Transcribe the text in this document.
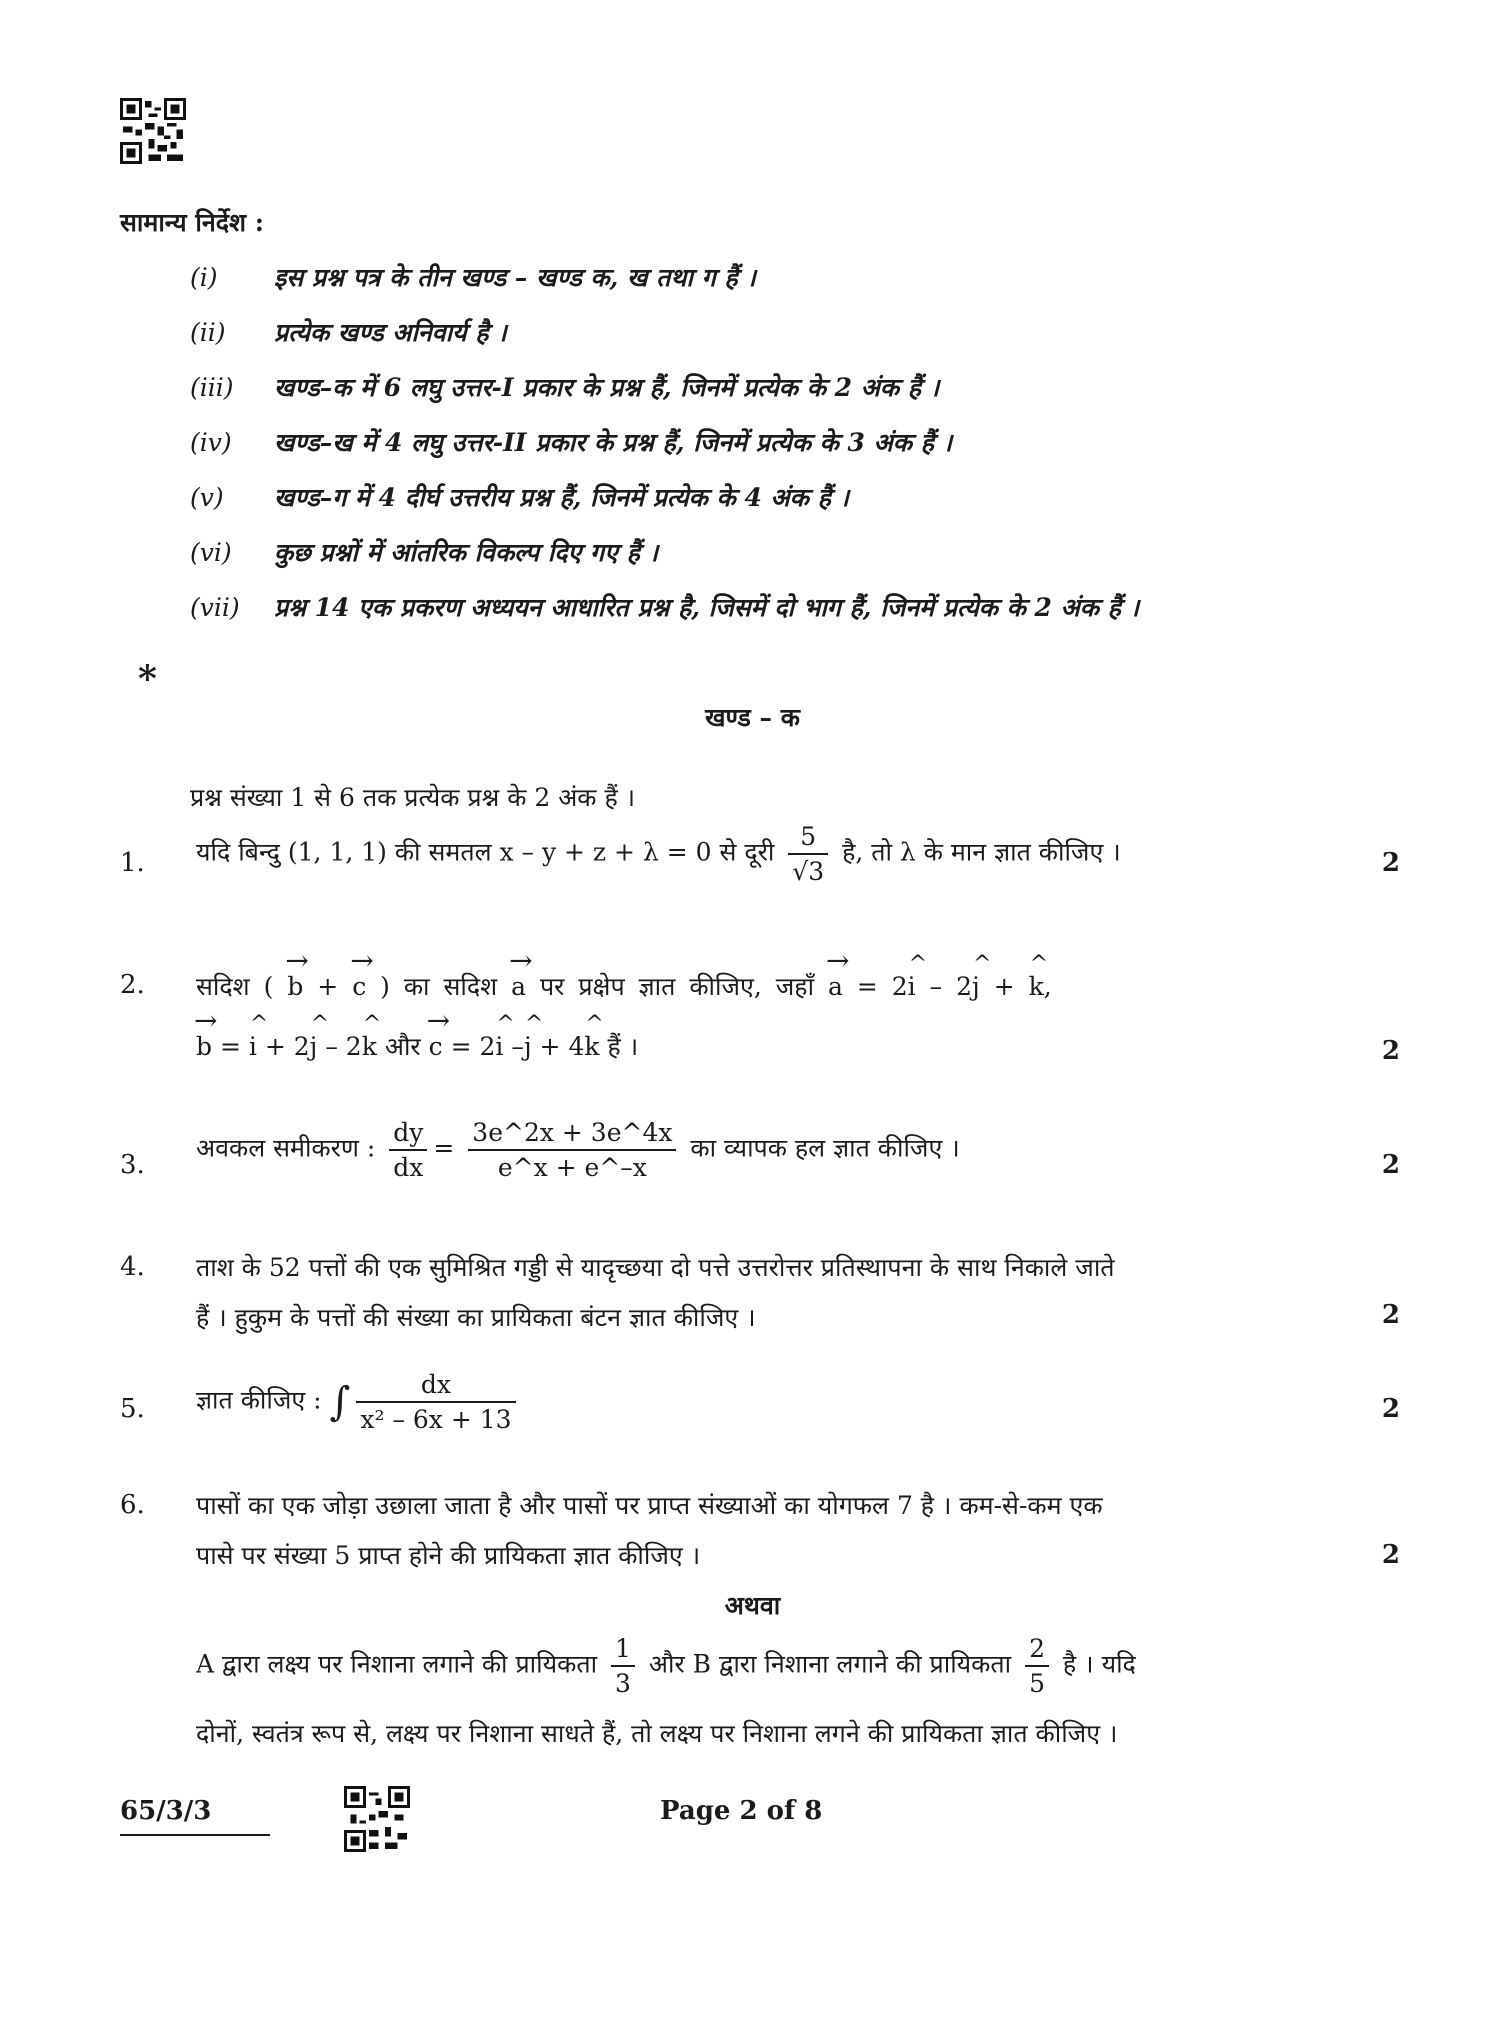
सामान्य निर्देश :
(i) इस प्रश्न पत्र के तीन खण्ड – खण्ड क, ख तथा ग हैं ।
(ii) प्रत्येक खण्ड अनिवार्य है ।
(iii) खण्ड–क में 6 लघु उत्तर-I प्रकार के प्रश्न हैं, जिनमें प्रत्येक के 2 अंक हैं ।
(iv) खण्ड–ख में 4 लघु उत्तर-II प्रकार के प्रश्न हैं, जिनमें प्रत्येक के 3 अंक हैं ।
(v) खण्ड–ग में 4 दीर्घ उत्तरीय प्रश्न हैं, जिनमें प्रत्येक के 4 अंक हैं ।
(vi) कुछ प्रश्नों में आंतरिक विकल्प दिए गए हैं ।
(vii) प्रश्न 14 एक प्रकरण अध्ययन आधारित प्रश्न है, जिसमें दो भाग हैं, जिनमें प्रत्येक के 2 अंक हैं ।
*
खण्ड – क
प्रश्न संख्या 1 से 6 तक प्रत्येक प्रश्न के 2 अंक हैं ।
1. यदि बिन्दु (1, 1, 1) की समतल x – y + z + λ = 0 से दूरी $\frac{5}{√3}$ है, तो λ के मान ज्ञात कीजिए ।	2
2. सदिश ( → b + → c ) का सदिश → a पर प्रक्षेप ज्ञात कीजिए, जहाँ → a = 2^ i – 2^ j + ^ k,
→ b = ^ i + 2^ j – 2^ k और → c = 2^ i –^ j + 4^ k हैं ।	2
3.
अवकल समीकरण : $\frac{dy}{dx} = \frac{3e\^{}2x + 3e\^{}4x}{e\^{}x + e\^{}-x}$ का व्यापक हल ज्ञात कीजिए ।
2
4. ताश के 52 पत्तों की एक सुमिश्रित गड्डी से यादृच्छया दो पत्ते उत्तरोत्तर प्रतिस्थापना के साथ निकाले जाते
हैं । हुकुम के पत्तों की संख्या का प्रायिकता बंटन ज्ञात कीजिए ।	2
5. ज्ञात कीजिए : ∫ $\frac{dx}{\text{x² – 6x + 13}}$	2
6. पासों का एक जोड़ा उछाला जाता है और पासों पर प्राप्त संख्याओं का योगफल 7 है । कम-से-कम एक
पासे पर संख्या 5 प्राप्त होने की प्रायिकता ज्ञात कीजिए ।	2
अथवा
A द्वारा लक्ष्य पर निशाना लगाने की प्रायिकता $\frac{1}{3}$ और B द्वारा निशाना लगाने की प्रायिकता $\frac{2}{5}$ है । यदि
दोनों, स्वतंत्र रूप से, लक्ष्य पर निशाना साधते हैं, तो लक्ष्य पर निशाना लगने की प्रायिकता ज्ञात कीजिए ।
65/3/3	Page 2 of 8
